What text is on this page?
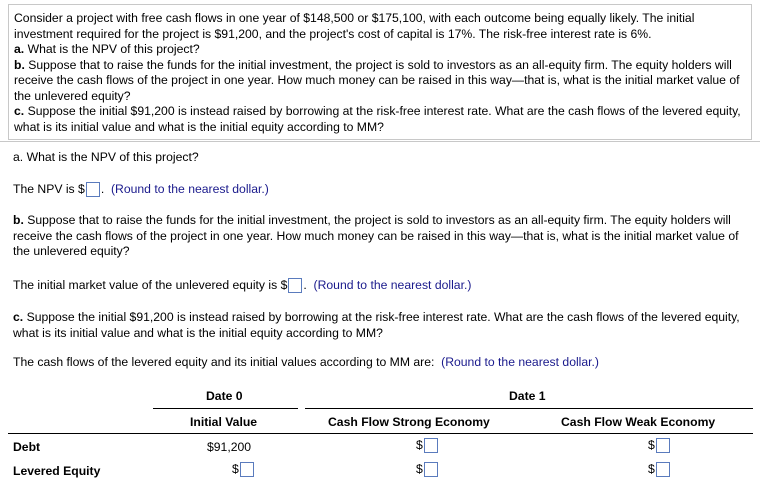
Consider a project with free cash flows in one year of $148,500 or $175,100, with each outcome being equally likely. The initial investment required for the project is $91,200, and the project's cost of capital is 17%. The risk-free interest rate is 6%.

a. What is the NPV of this project?

b. Suppose that to raise the funds for the initial investment, the project is sold to investors as an all-equity firm. The equity holders will receive the cash flows of the project in one year. How much money can be raised in this way—that is, what is the initial market value of the unlevered equity?

c. Suppose the initial $91,200 is instead raised by borrowing at the risk-free interest rate. What are the cash flows of the levered equity, what is its initial value and what is the initial equity according to MM?

a. What is the NPV of this project?
The NPV is $ .  (Round to the nearest dollar.)
b. Suppose that to raise the funds for the initial investment, the project is sold to investors as an all-equity firm. The equity holders will receive the cash flows of the project in one year. How much money can be raised in this way—that is, what is the initial market value of the unlevered equity?
The initial market value of the unlevered equity is $ .  (Round to the nearest dollar.)
c. Suppose the initial $91,200 is instead raised by borrowing at the risk-free interest rate. What are the cash flows of the levered equity, what is its initial value and what is the initial equity according to MM?
The cash flows of the levered equity and its initial values according to MM are: (Round to the nearest dollar.)
Date 0	Date 1
Initial Value	Cash Flow Strong Economy	Cash Flow Weak Economy
Debt	$91,200	$	$
Levered Equity	$	$	$
